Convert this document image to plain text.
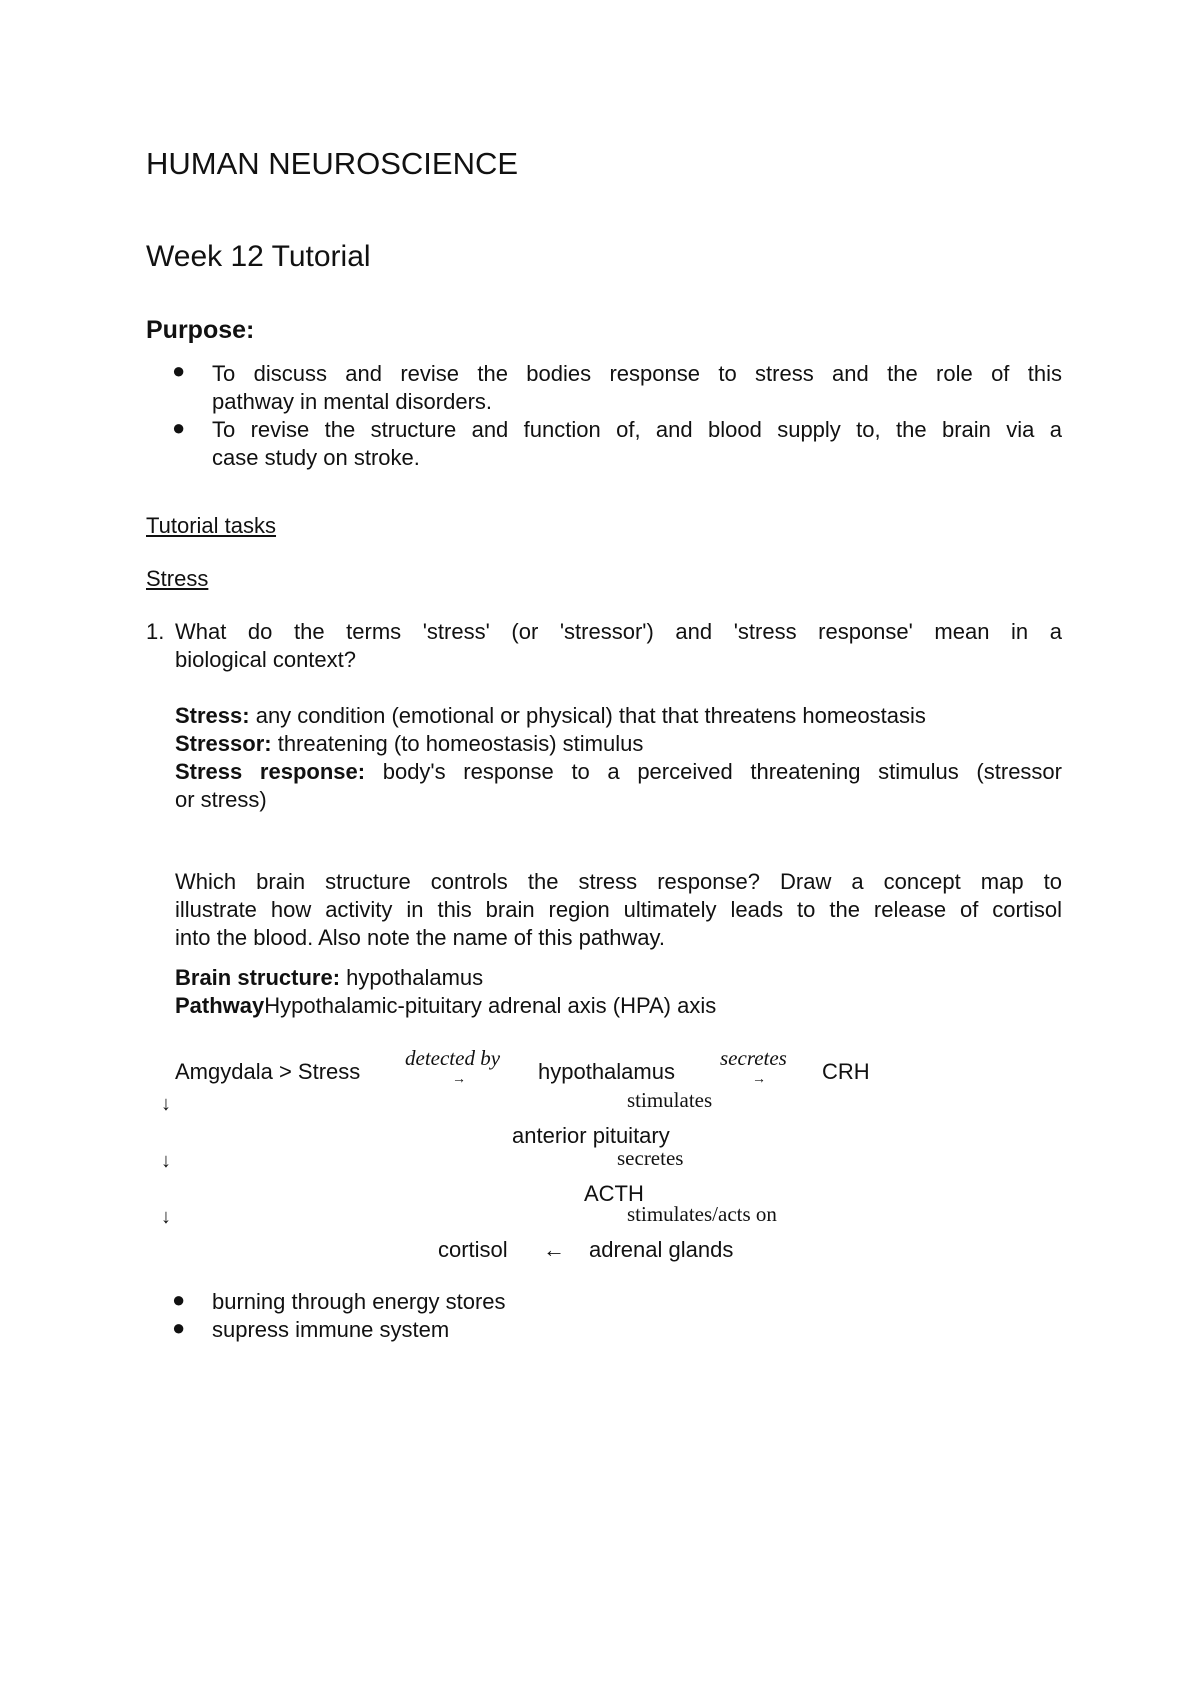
HUMAN NEUROSCIENCE
Week 12 Tutorial
Purpose:
● To discuss and revise the bodies response to stress and the role of this
pathway in mental disorders.
● To revise the structure and function of, and blood supply to, the brain via a
case study on stroke.
Tutorial tasks
Stress
1. What do the terms 'stress' (or 'stressor') and 'stress response' mean in a
biological context?
Stress: any condition (emotional or physical) that that threatens homeostasis
Stressor: threatening (to homeostasis) stimulus
Stress response: body's response to a perceived threatening stimulus (stressor
or stress)
Which brain structure controls the stress response? Draw a concept map to
illustrate how activity in this brain region ultimately leads to the release of cortisol
into the blood. Also note the name of this pathway.
Brain structure: hypothalamus
PathwayHypothalamic-pituitary adrenal axis (HPA) axis
Amgydala > Stress
detected by
→	hypothalamus
secretes
→	CRH
↓	stimulates
anterior pituitary
↓	secretes
ACTH
↓	stimulates/acts on
cortisol ← adrenal glands
● burning through energy stores
● supress immune system
